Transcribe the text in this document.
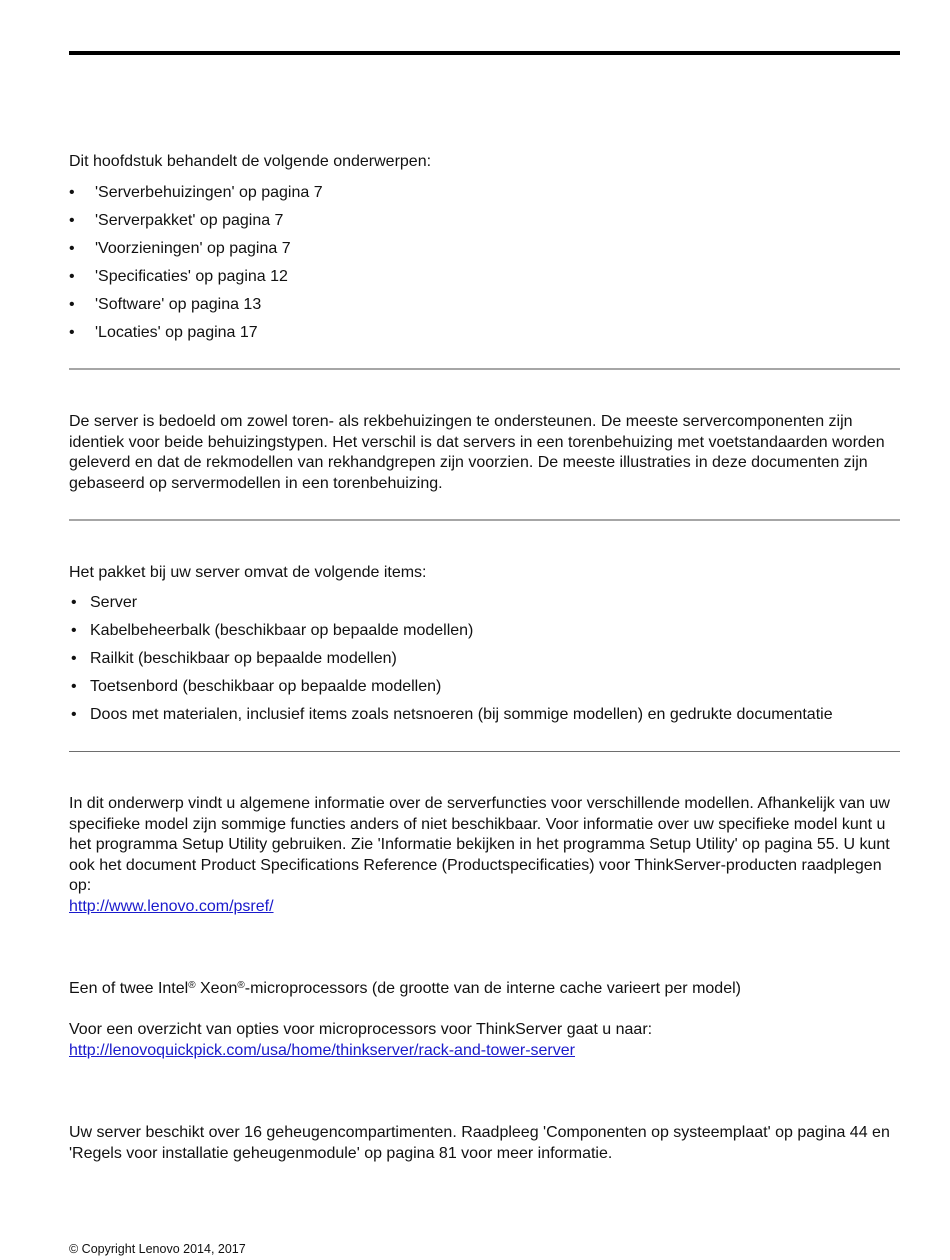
Dit hoofdstuk behandelt de volgende onderwerpen:

• 'Serverbehuizingen' op pagina 7
• 'Serverpakket' op pagina 7
• 'Voorzieningen' op pagina 7
• 'Specificaties' op pagina 12
• 'Software' op pagina 13
• 'Locaties' op pagina 17

De server is bedoeld om zowel toren- als rekbehuizingen te ondersteunen. De meeste servercomponenten zijn identiek voor beide behuizingstypen. Het verschil is dat servers in een torenbehuizing met voetstandaarden worden geleverd en dat de rekmodellen van rekhandgrepen zijn voorzien. De meeste illustraties in deze documenten zijn gebaseerd op servermodellen in een torenbehuizing.

Het pakket bij uw server omvat de volgende items:

• Server
• Kabelbeheerbalk (beschikbaar op bepaalde modellen)
• Railkit (beschikbaar op bepaalde modellen)
• Toetsenbord (beschikbaar op bepaalde modellen)
• Doos met materialen, inclusief items zoals netsnoeren (bij sommige modellen) en gedrukte documentatie

In dit onderwerp vindt u algemene informatie over de serverfuncties voor verschillende modellen. Afhankelijk van uw specifieke model zijn sommige functies anders of niet beschikbaar. Voor informatie over uw specifieke model kunt u het programma Setup Utility gebruiken. Zie 'Informatie bekijken in het programma Setup Utility' op pagina 55. U kunt ook het document Product Specifications Reference (Productspecificaties) voor ThinkServer-producten raadplegen op:

http://www.lenovo.com/psref/

Een of twee Intel® Xeon®-microprocessors (de grootte van de interne cache varieert per model)

Voor een overzicht van opties voor microprocessors voor ThinkServer gaat u naar:

http://lenovoquickpick.com/usa/home/thinkserver/rack-and-tower-server

Uw server beschikt over 16 geheugencompartimenten. Raadpleeg 'Componenten op systeemplaat' op pagina 44 en 'Regels voor installatie geheugenmodule' op pagina 81 voor meer informatie.

© Copyright Lenovo 2014, 2017
